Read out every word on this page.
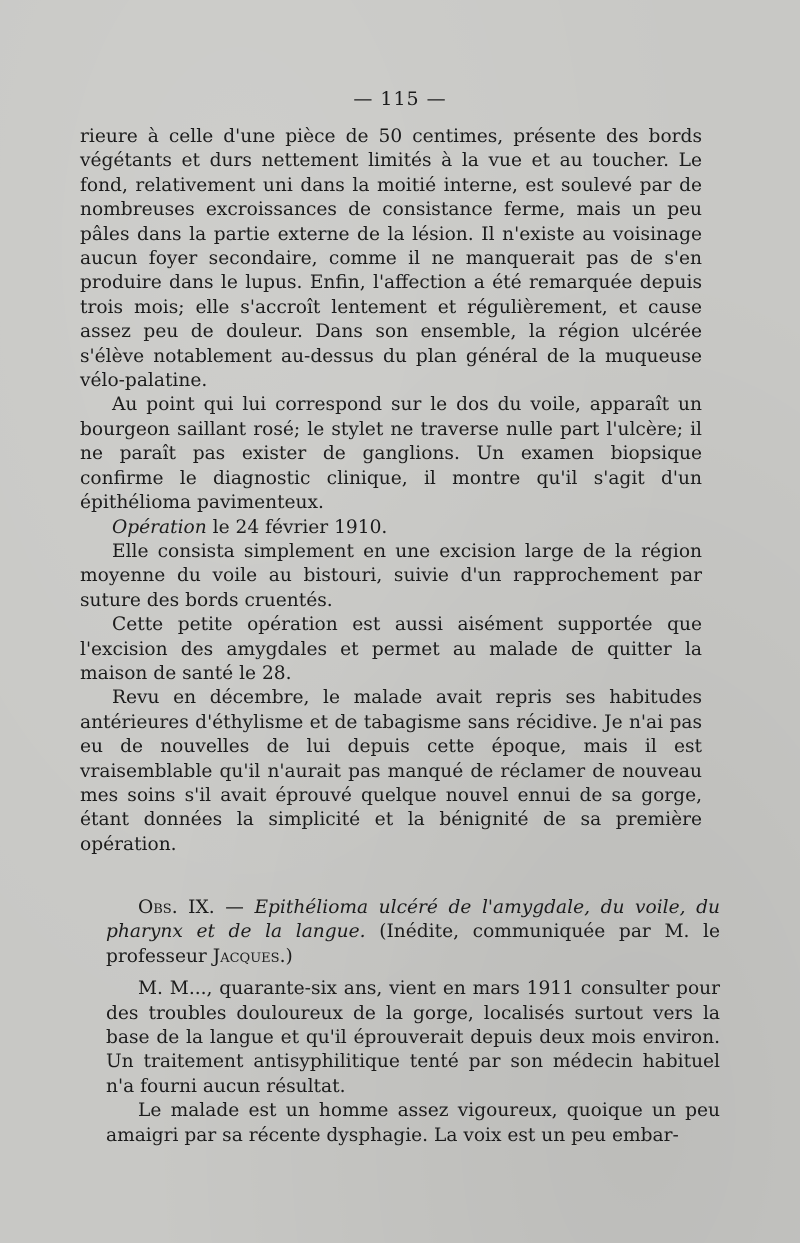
— 115 —

rieure à celle d'une pièce de 50 centimes, présente des bords végétants et durs nettement limités à la vue et au toucher. Le fond, relativement uni dans la moitié interne, est soulevé par de nombreuses excroissances de consistance ferme, mais un peu pâles dans la partie externe de la lésion. Il n'existe au voisinage aucun foyer secondaire, comme il ne manquerait pas de s'en produire dans le lupus. Enfin, l'affection a été remarquée depuis trois mois; elle s'accroît lentement et régulièrement, et cause assez peu de douleur. Dans son ensemble, la région ulcérée s'élève notablement au-dessus du plan général de la muqueuse vélo-palatine.

Au point qui lui correspond sur le dos du voile, apparaît un bourgeon saillant rosé; le stylet ne traverse nulle part l'ulcère; il ne paraît pas exister de ganglions. Un examen biopsique confirme le diagnostic clinique, il montre qu'il s'agit d'un épithélioma pavimenteux.

Opération le 24 février 1910.

Elle consista simplement en une excision large de la région moyenne du voile au bistouri, suivie d'un rapprochement par suture des bords cruentés.

Cette petite opération est aussi aisément supportée que l'excision des amygdales et permet au malade de quitter la maison de santé le 28.

Revu en décembre, le malade avait repris ses habitudes antérieures d'éthylisme et de tabagisme sans récidive. Je n'ai pas eu de nouvelles de lui depuis cette époque, mais il est vraisemblable qu'il n'aurait pas manqué de réclamer de nouveau mes soins s'il avait éprouvé quelque nouvel ennui de sa gorge, étant données la simplicité et la bénignité de sa première opération.

Obs. IX. — Epithélioma ulcéré de l'amygdale, du voile, du pharynx et de la langue. (Inédite, communiquée par M. le professeur Jacques.)

M. M..., quarante-six ans, vient en mars 1911 consulter pour des troubles douloureux de la gorge, localisés surtout vers la base de la langue et qu'il éprouverait depuis deux mois environ. Un traitement antisyphilitique tenté par son médecin habituel n'a fourni aucun résultat.

Le malade est un homme assez vigoureux, quoique un peu amaigri par sa récente dysphagie. La voix est un peu embar-
